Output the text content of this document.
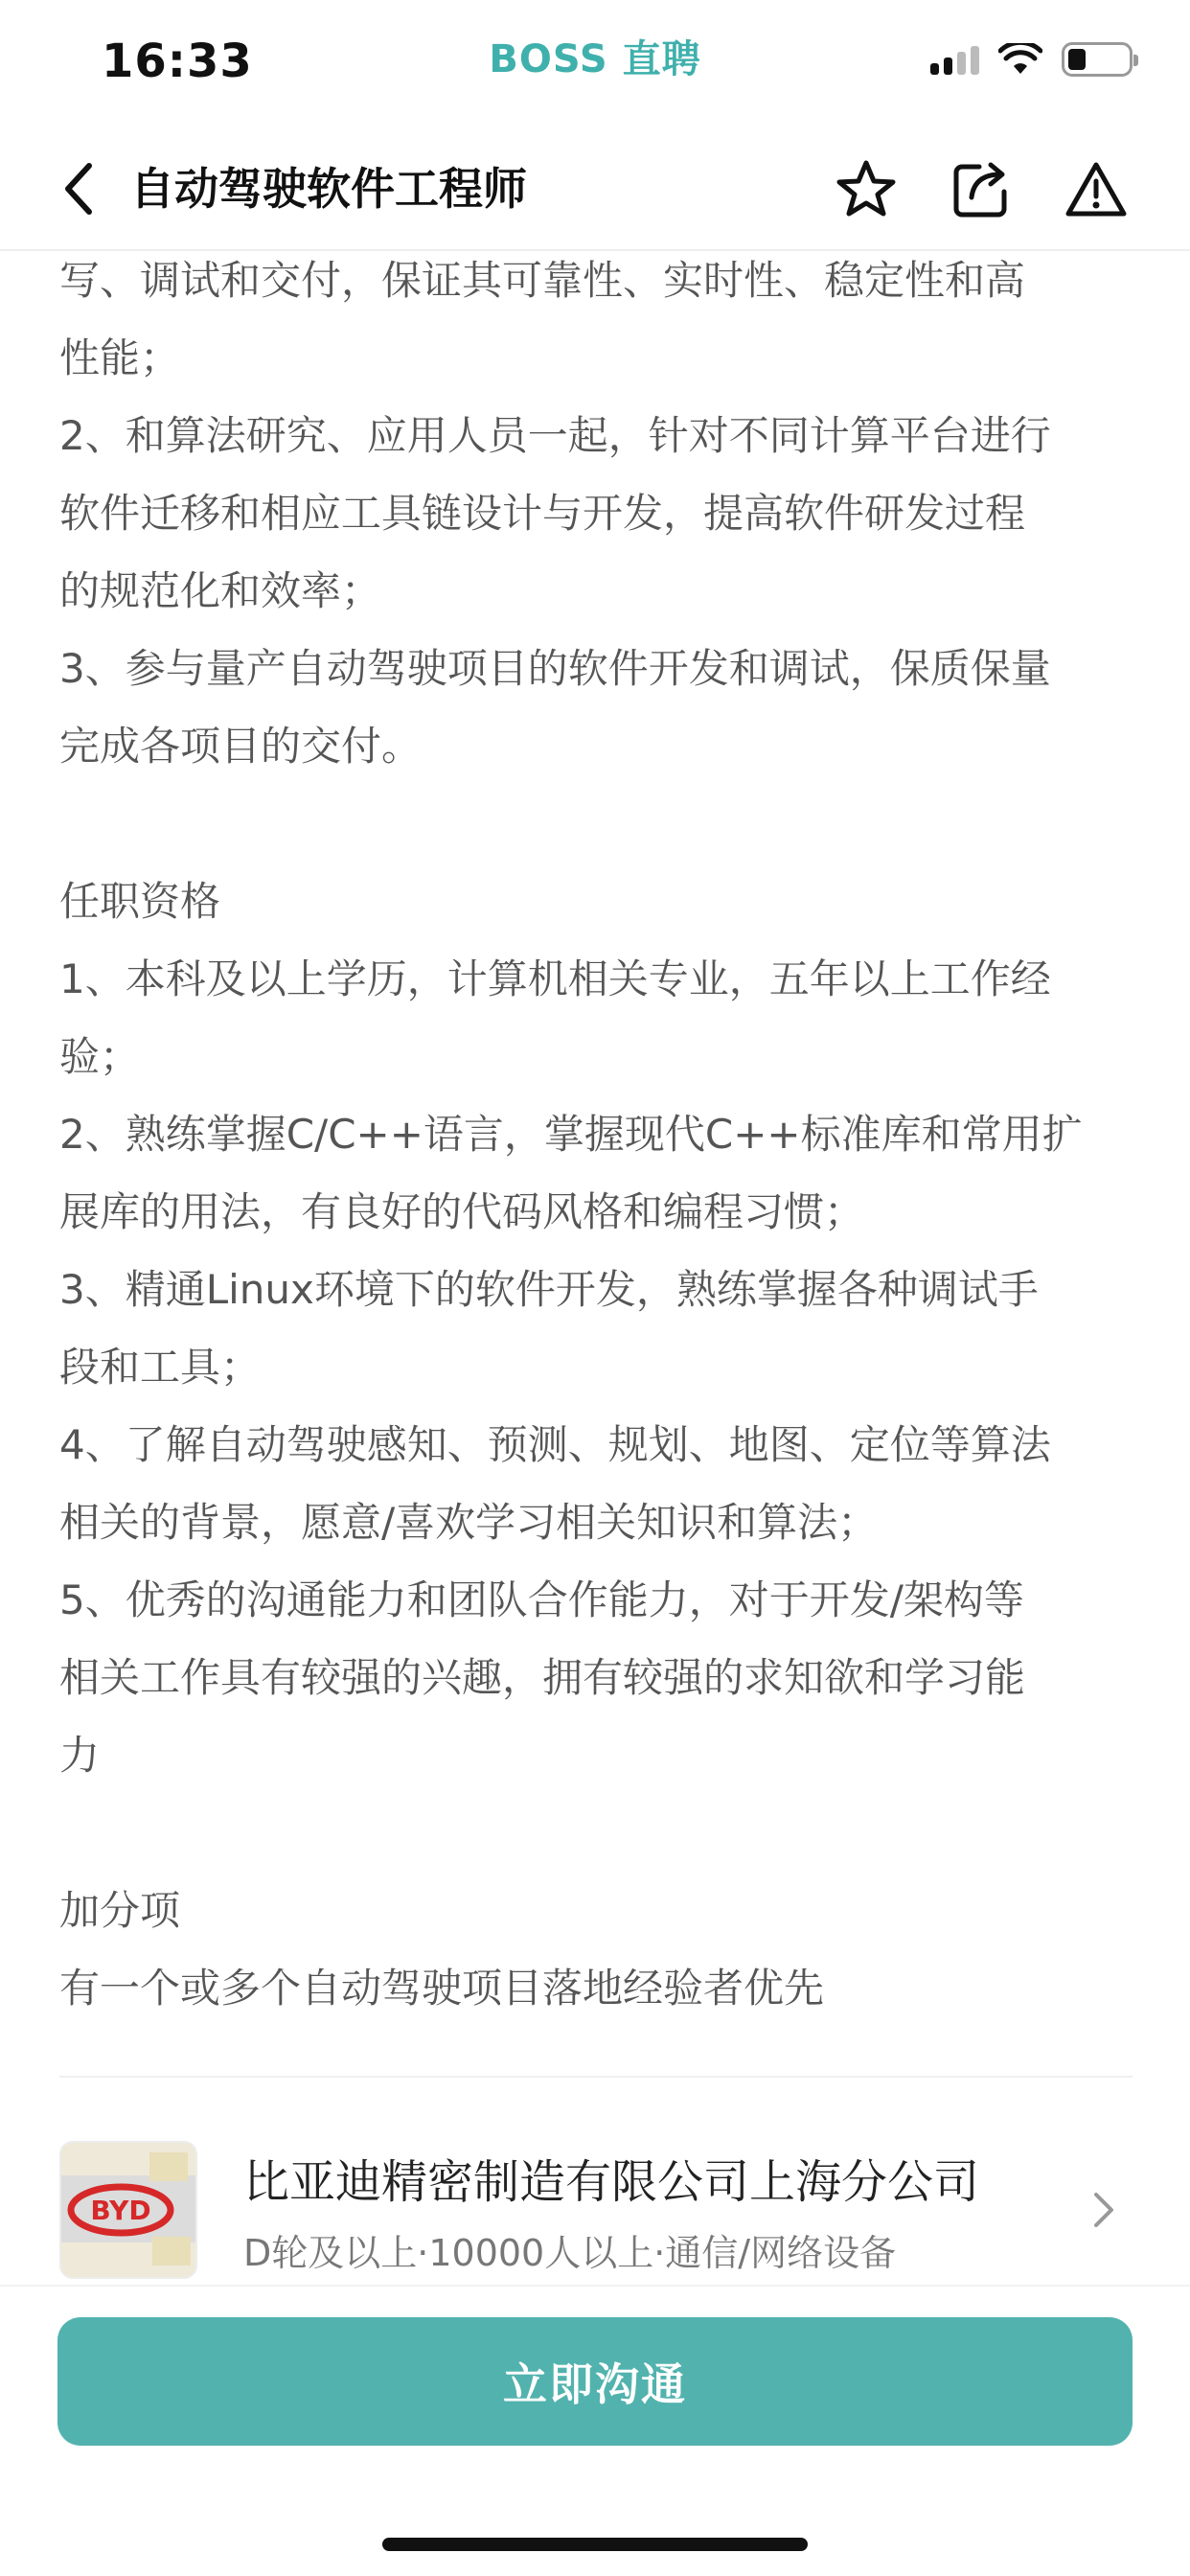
16:33	BOSS 直聘
自动驾驶软件工程师
写、调试和交付，保证其可靠性、实时性、稳定性和高
性能；
2、和算法研究、应用人员一起，针对不同计算平台进行
软件迁移和相应工具链设计与开发，提高软件研发过程
的规范化和效率；
3、参与量产自动驾驶项目的软件开发和调试，保质保量
完成各项目的交付。
任职资格
1、本科及以上学历，计算机相关专业，五年以上工作经
验；
2、熟练掌握C/C++语言，掌握现代C++标准库和常用扩
展库的用法，有良好的代码风格和编程习惯；
3、精通Linux环境下的软件开发，熟练掌握各种调试手
段和工具；
4、了解自动驾驶感知、预测、规划、地图、定位等算法
相关的背景，愿意/喜欢学习相关知识和算法；
5、优秀的沟通能力和团队合作能力，对于开发/架构等
相关工作具有较强的兴趣，拥有较强的求知欲和学习能
力
加分项
有一个或多个自动驾驶项目落地经验者优先
BYD
比亚迪精密制造有限公司上海分公司
D轮及以上·10000人以上·通信/网络设备
立即沟通
